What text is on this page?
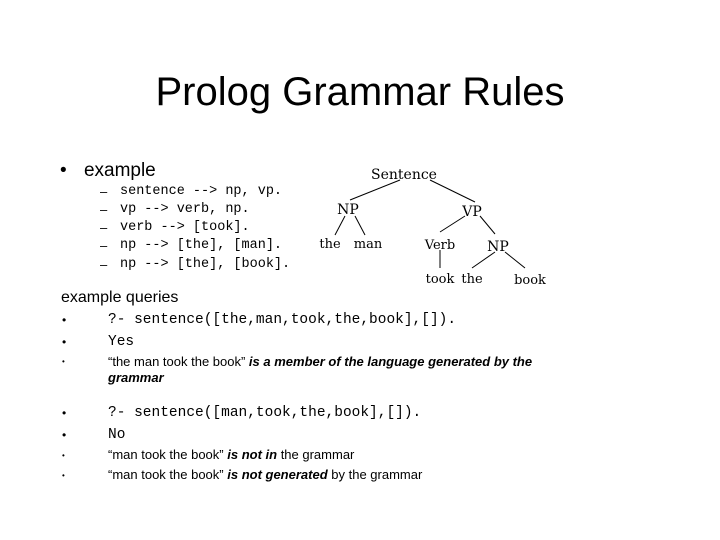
Prolog Grammar Rules
• example
– sentence --> np, vp.
– vp --> verb, np.
– verb --> [took].
– np --> [the], [man].
– np --> [the], [book].
Sentence
NP	VP
the man	Verb NP
took the book
example queries
•	?- sentence([the,man,took,the,book],[]).
•	Yes
•	“the man took the book” is a member of the language generated by the
grammar
•	?- sentence([man,took,the,book],[]).
•	No
•	“man took the book” is not in the grammar
•	“man took the book” is not generated by the grammar
